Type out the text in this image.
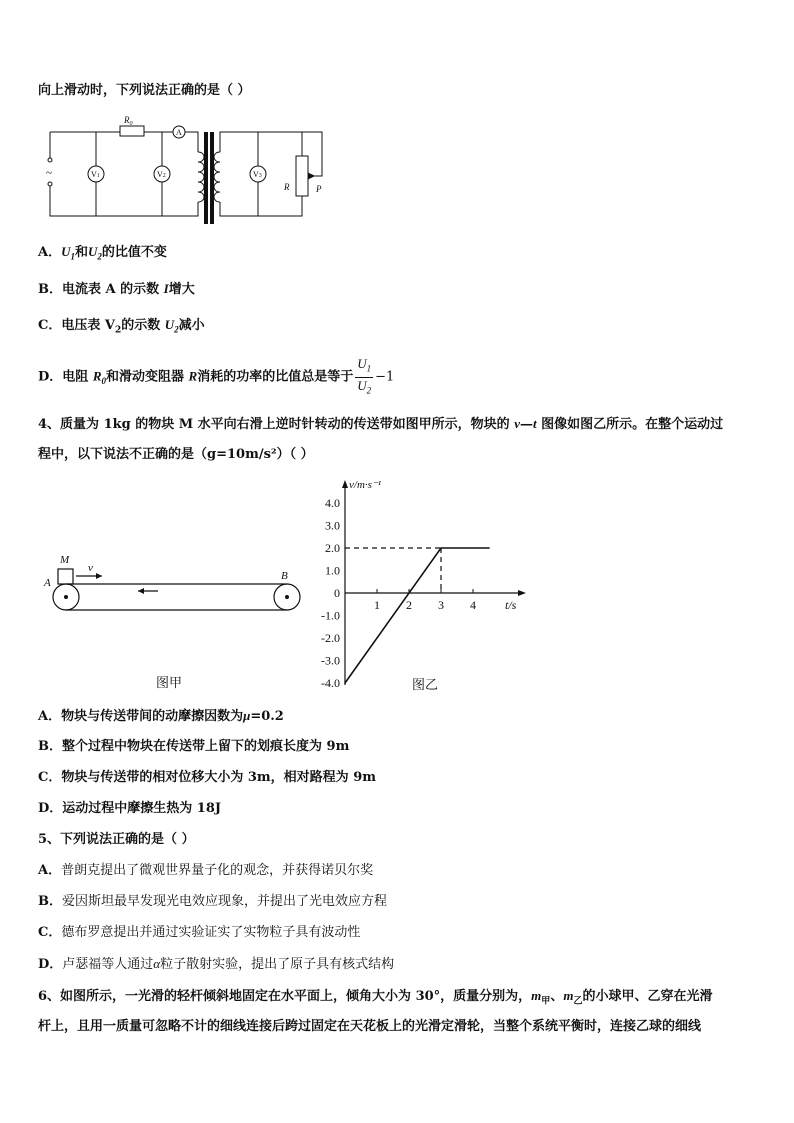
向上滑动时，下列说法正确的是（ ）
$R_0$
A
V1	V2	V3
R	P
~
A．$U_1$和$U_2$的比值不变
B．电流表 A 的示数 I增大
C．电压表 $V_2$的示数 $U_2$减小
D．电阻 $R_0$和滑动变阻器 R消耗的功率的比值总是等于 $\frac{U_1}{U_2} -1$
4、质量为 1kg 的物块 M 水平向右滑上逆时针转动的传送带如图甲所示，物块的 v—t 图像如图乙所示。在整个运动过
程中，以下说法不正确的是（g=10m/s²）（ ）
M
v
A
B
图甲
4.0
3.0
2.0
1.0
0
-1.0
-2.0
-3.0
-4.0
1 2 3 4
v/m·s⁻¹
t/s
图乙
A．物块与传送带间的动摩擦因数为μ=0.2
B．整个过程中物块在传送带上留下的划痕长度为 9m
C．物块与传送带的相对位移大小为 3m，相对路程为 9m
D．运动过程中摩擦生热为 18J
5、下列说法正确的是（ ）
A．普朗克提出了微观世界量子化的观念，并获得诺贝尔奖
B．爱因斯坦最早发现光电效应现象，并提出了光电效应方程
C．德布罗意提出并通过实验证实了实物粒子具有波动性
D．卢瑟福等人通过α粒子散射实验，提出了原子具有核式结构
6、如图所示，一光滑的轻杆倾斜地固定在水平面上，倾角大小为 30°，质量分别为，$m_甲$、$m_乙$的小球甲、乙穿在光滑
杆上，且用一质量可忽略不计的细线连接后跨过固定在天花板上的光滑定滑轮，当整个系统平衡时，连接乙球的细线
